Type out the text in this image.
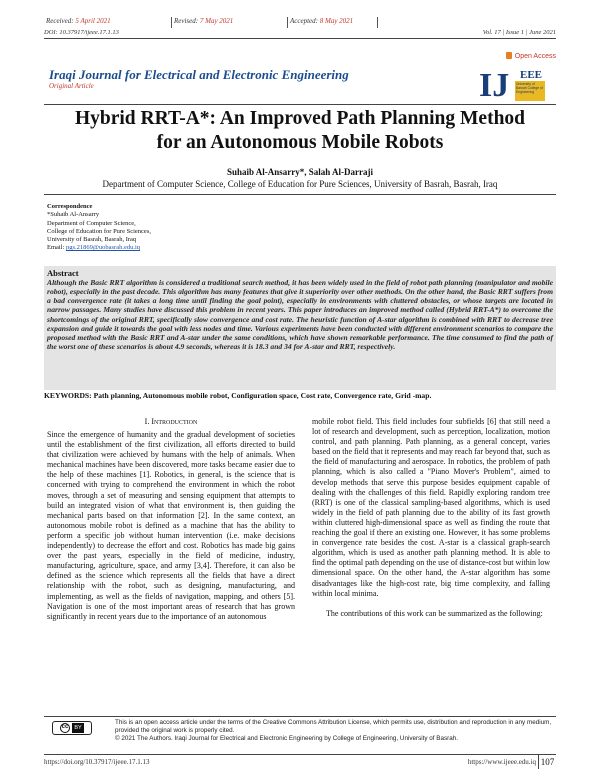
Received: 5 April 2021	Revised: 7 May 2021	Accepted: 8 May 2021
DOI: 10.37917/ijeee.17.1.13	Vol. 17 | Issue 1 | June 2021
Open Access
Iraqi Journal for Electrical and Electronic Engineering
Original Article	IJ EEE
University of Basrah College of Engineering
Hybrid RRT-A*: An Improved Path Planning Method
for an Autonomous Mobile Robots
Suhaib Al-Ansarry*, Salah Al-Darraji
Department of Computer Science, College of Education for Pure Sciences, University of Basrah, Basrah, Iraq
Correspondence
*Suhaib Al-Ansarry
Department of Computer Science,
College of Education for Pure Sciences,
University of Basrah, Basrah, Iraq
Email: pgs.21869@uobasrah.edu.iq
Abstract
Although the Basic RRT algorithm is considered a traditional search method, it has been widely used in the field of robot path planning (manipulator and mobile robot), especially in the past decade. This algorithm has many features that give it superiority over other methods. On the other hand, the Basic RRT suffers from a bad convergence rate (it takes a long time until finding the goal point), especially in environments with cluttered obstacles, or whose targets are located in narrow passages. Many studies have discussed this problem in recent years. This paper introduces an improved method called (Hybrid RRT-A*) to overcome the shortcomings of the original RRT, specifically slow convergence and cost rate. The heuristic function of A-star algorithm is combined with RRT to decrease tree expansion and guide it towards the goal with less nodes and time. Various experiments have been conducted with different environment scenarios to compare the proposed method with the Basic RRT and A-star under the same conditions, which have shown remarkable performance. The time consumed to find the path of the worst one of these scenarios is about 4.9 seconds, whereas it is 18.3 and 34 for A-star and RRT, respectively.
KEYWORDS: Path planning, Autonomous mobile robot, Configuration space, Cost rate, Convergence rate, Grid -map.
I. Introduction

Since the emergence of humanity and the gradual development of societies until the establishment of the first civilization, all efforts directed to build that civilization were achieved by humans with the help of animals. When mechanical machines have been discovered, more tasks became easier due to the help of these machines [1]. Robotics, in general, is the science that is concerned with trying to comprehend the environment in which the robot moves, through a set of measuring and sensing equipment that attempts to build an integrated vision of what that environment is, then guiding the mechanical parts based on that information [2]. In the same context, an autonomous mobile robot is defined as a machine that has the ability to perform a specific job without human intervention (i.e. make decisions independently) to decrease the effort and cost. Robotics has made big gains over the past years, especially in the field of medicine, industry, manufacturing, agriculture, space, and army [3,4]. Therefore, it can also be defined as the science which represents all the fields that have a direct relationship with the robot, such as designing, manufacturing, and implementing, as well as the fields of navigation, mapping, and others [5]. Navigation is one of the most important areas of research that has grown significantly in recent years due to the importance of an autonomous

mobile robot field. This field includes four subfields [6] that still need a lot of research and development, such as perception, localization, motion control, and path planning. Path planning, as a general concept, varies based on the field that it represents and may reach far beyond that, such as the field of manufacturing and aerospace. In robotics, the problem of path planning, which is also called a "Piano Mover's Problem", aimed to develop methods that serve this purpose besides equipment capable of dealing with the challenges of this field. Rapidly exploring random tree (RRT) is one of the classical sampling-based algorithms, which is used widely in the field of path planning due to the ability of its fast growth within cluttered high-dimensional space as well as finding the route that reaching the goal if there an existing one. However, it has some problems in convergence rate besides the cost. A-star is a classical graph-search algorithm, which is used as another path planning method. It is able to find the optimal path depending on the use of distance-cost but within low dimensional space. On the other hand, the A-star algorithm has some disadvantages like the high-cost rate, big time complexity, and falling within local minima.

The contributions of this work can be summarized as the following:

cc	BY
This is an open access article under the terms of the Creative Commons Attribution License, which permits use, distribution and reproduction in any medium, provided the original work is properly cited.
© 2021 The Authors. Iraqi Journal for Electrical and Electronic Engineering by College of Engineering, University of Basrah.
https://doi.org/10.37917/ijeee.17.1.13	https://www.ijeee.edu.iq 107
